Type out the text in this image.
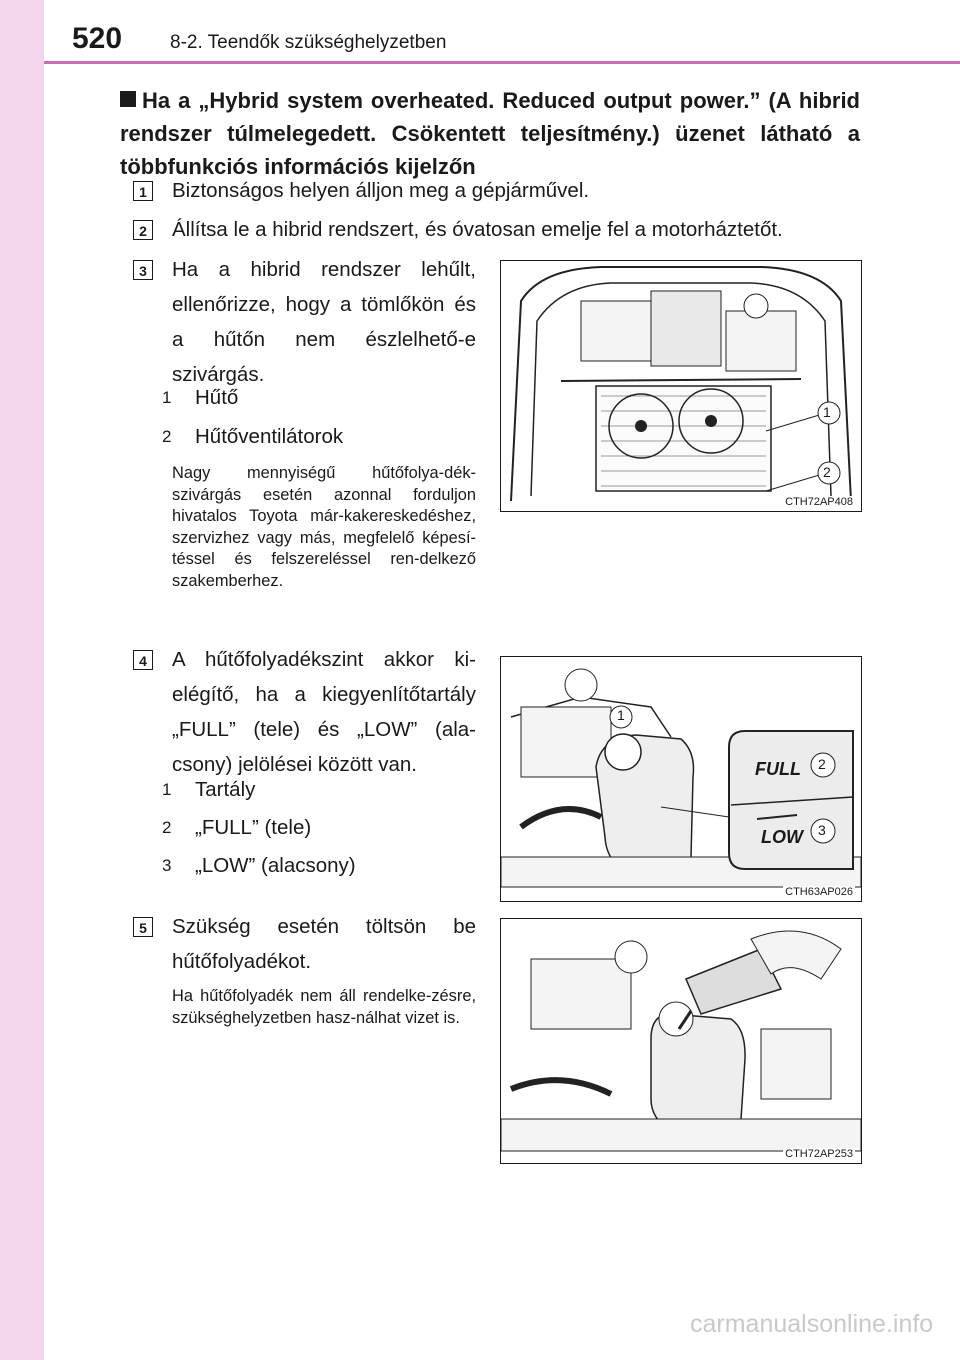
520	8-2. Teendők szükséghelyzetben
Ha a „Hybrid system overheated. Reduced output power.” (A hibrid rendszer túlmelegedett. Csökentett teljesítmény.) üzenet látható a többfunkciós információs kijelzőn
1 Biztonságos helyen álljon meg a gépjárművel.
2 Állítsa le a hibrid rendszert, és óvatosan emelje fel a motorháztetőt.
3 Ha a hibrid rendszer lehűlt, ellenőrizze, hogy a tömlőkön és a hűtőn nem észlelhető-e szivárgás.
1 Hűtő
2 Hűtőventilátorok
Nagy mennyiségű hűtőfolya-dék-szivárgás esetén azonnal forduljon hivatalos Toyota már-kakereskedéshez, szervizhez vagy más, megfelelő képesí-téssel és felszereléssel ren-delkező szakemberhez.
1
2
CTH72AP408
4 A hűtőfolyadékszint akkor ki-elégítő, ha a kiegyenlítőtartály „FULL” (tele) és „LOW” (ala-csony) jelölései között van.
1 Tartály
2 „FULL” (tele)
3 „LOW” (alacsony)
1
FULL
LOW
2
3
CTH63AP026
5 Szükség esetén töltsön be hűtőfolyadékot.
Ha hűtőfolyadék nem áll rendelke-zésre, szükséghelyzetben hasz-nálhat vizet is.
CTH72AP253
carmanualsonline.info
